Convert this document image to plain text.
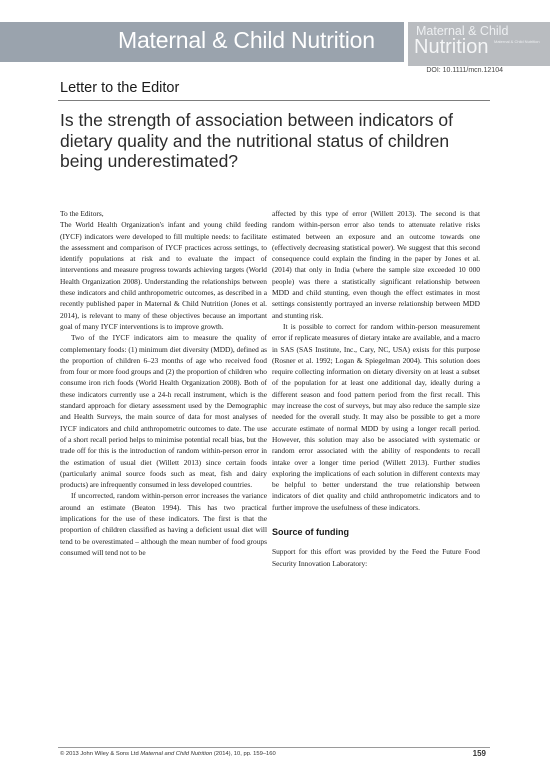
Maternal & Child Nutrition	Maternal & Child
Nutrition Maternal & Child Nutrition
DOI: 10.1111/mcn.12104
Letter to the Editor
Is the strength of association between indicators of dietary quality and the nutritional status of children being underestimated?

To the Editors,

The World Health Organization's infant and young child feeding (IYCF) indicators were developed to fill multiple needs: to facilitate the assessment and comparison of IYCF practices across settings, to identify populations at risk and to evaluate the impact of interventions and measure progress towards achieving targets (World Health Organization 2008). Understanding the relationships between these indicators and child anthropometric outcomes, as described in a recently published paper in Maternal & Child Nutrition (Jones et al. 2014), is relevant to many of these objectives because an important goal of many IYCF interventions is to improve growth.

Two of the IYCF indicators aim to measure the quality of complementary foods: (1) minimum diet diversity (MDD), defined as the proportion of children 6–23 months of age who received food from four or more food groups and (2) the proportion of children who consume iron rich foods (World Health Organization 2008). Both of these indicators currently use a 24-h recall instrument, which is the standard approach for dietary assessment used by the Demographic and Health Surveys, the main source of data for most analyses of IYCF indicators and child anthropometric outcomes to date. The use of a short recall period helps to minimise potential recall bias, but the trade off for this is the introduction of random within-person error in the estimation of usual diet (Willett 2013) since certain foods (particularly animal source foods such as meat, fish and dairy products) are infrequently consumed in less developed countries.

If uncorrected, random within-person error increases the variance around an estimate (Beaton 1994). This has two practical implications for the use of these indicators. The first is that the proportion of children classified as having a deficient usual diet will tend to be overestimated – although the mean number of food groups consumed will tend not to be

affected by this type of error (Willett 2013). The second is that random within-person error also tends to attenuate relative risks estimated between an exposure and an outcome towards one (effectively decreasing statistical power). We suggest that this second consequence could explain the finding in the paper by Jones et al. (2014) that only in India (where the sample size exceeded 10 000 people) was there a statistically significant relationship between MDD and child stunting, even though the effect estimates in most settings consistently portrayed an inverse relationship between MDD and stunting risk.

It is possible to correct for random within-person measurement error if replicate measures of dietary intake are available, and a macro in SAS (SAS Institute, Inc., Cary, NC, USA) exists for this purpose (Rosner et al. 1992; Logan & Spiegelman 2004). This solution does require collecting information on dietary diversity on at least a subset of the population for at least one additional day, ideally during a different season and food pattern period from the first recall. This may increase the cost of surveys, but may also reduce the sample size needed for the overall study. It may also be possible to get a more accurate estimate of normal MDD by using a longer recall period. However, this solution may also be associated with systematic or random error associated with the ability of respondents to recall intake over a longer time period (Willett 2013). Further studies exploring the implications of each solution in different contexts may be helpful to better understand the true relationship between indicators of diet quality and child anthropometric indicators and to further improve the usefulness of these indicators.

Source of funding

Support for this effort was provided by the Feed the Future Food Security Innovation Laboratory:

© 2013 John Wiley & Sons Ltd Maternal and Child Nutrition (2014), 10, pp. 159–160	159
